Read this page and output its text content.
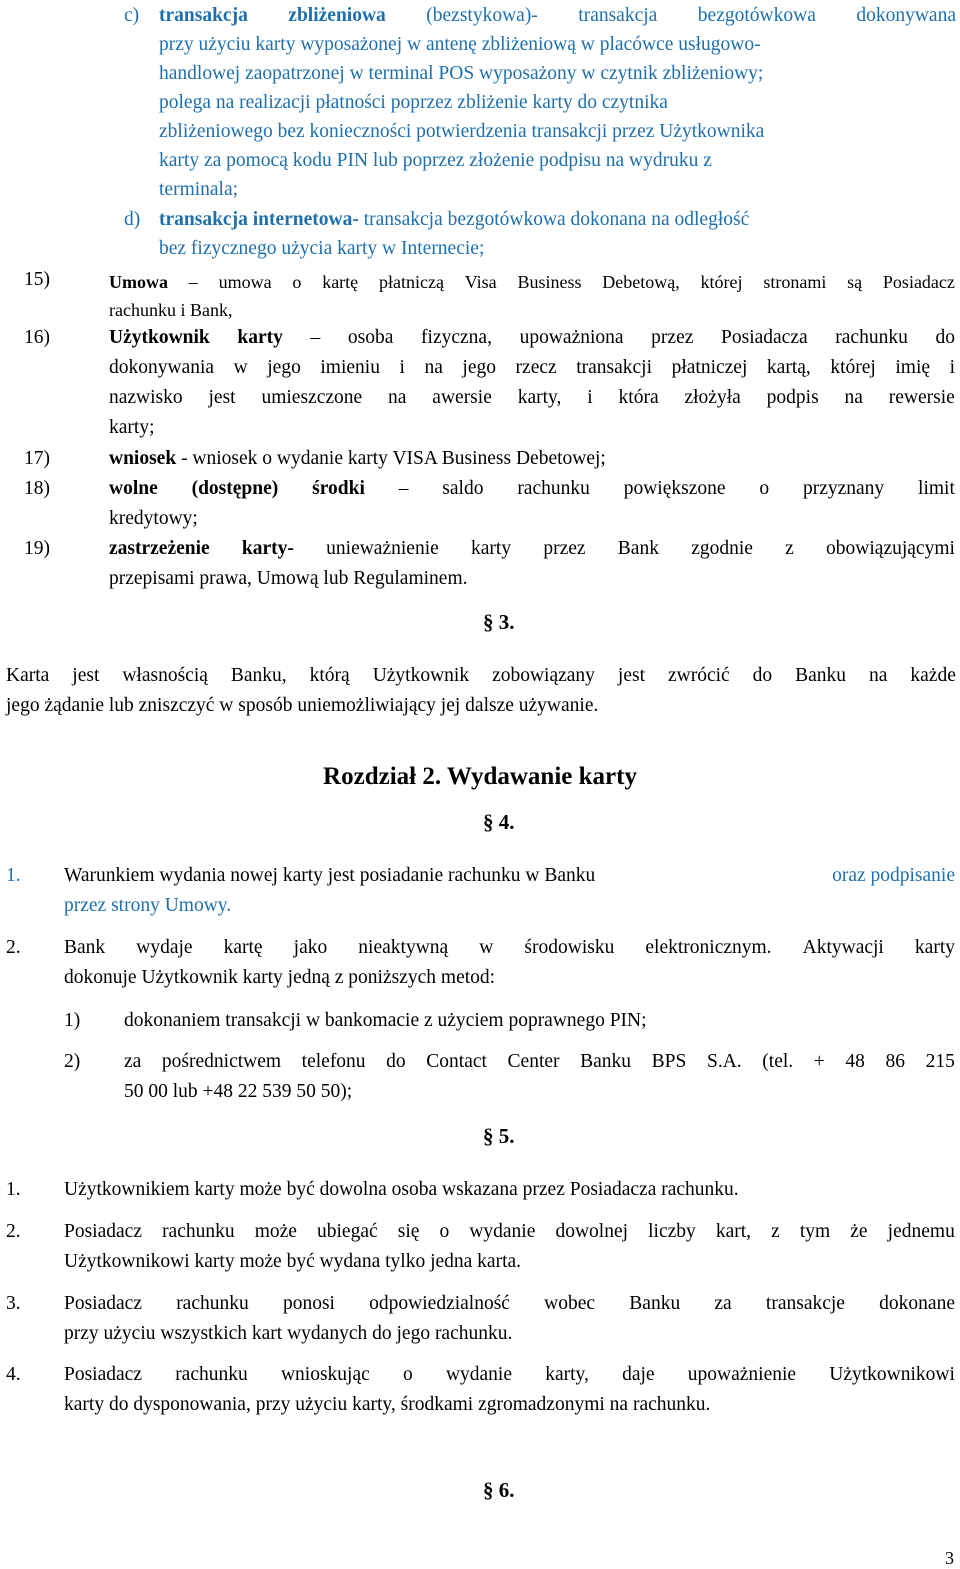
c) transakcja zbliżeniowa (bezstykowa)- transakcja bezgotówkowa dokonywana
przy użyciu karty wyposażonej w antenę zbliżeniową w placówce usługowo-
handlowej zaopatrzonej w terminal POS wyposażony w czytnik zbliżeniowy;
polega na realizacji płatności poprzez zbliżenie karty do czytnika
zbliżeniowego bez konieczności potwierdzenia transakcji przez Użytkownika
karty za pomocą kodu PIN lub poprzez złożenie podpisu na wydruku z
terminala;
d) transakcja internetowa- transakcja bezgotówkowa dokonana na odległość
bez fizycznego użycia karty w Internecie;
15)	Umowa – umowa o kartę płatniczą Visa Business Debetową, której stronami są Posiadacz
rachunku i Bank,
16)	Użytkownik karty – osoba fizyczna, upoważniona przez Posiadacza rachunku do
dokonywania w jego imieniu i na jego rzecz transakcji płatniczej kartą, której imię i
nazwisko jest umieszczone na awersie karty, i która złożyła podpis na rewersie
karty;
17)	wniosek - wniosek o wydanie karty VISA Business Debetowej;
18)	wolne (dostępne) środki – saldo rachunku powiększone o przyznany limit
kredytowy;
19)	zastrzeżenie karty- unieważnienie karty przez Bank zgodnie z obowiązującymi
przepisami prawa, Umową lub Regulaminem.
§ 3.
Karta jest własnością Banku, którą Użytkownik zobowiązany jest zwrócić do Banku na każde
jego żądanie lub zniszczyć w sposób uniemożliwiający jej dalsze używanie.
Rozdział 2. Wydawanie karty
§ 4.
1. Warunkiem wydania nowej karty jest posiadanie rachunku w Banku	oraz podpisanie
przez strony Umowy.
2. Bank wydaje kartę jako nieaktywną w środowisku elektronicznym. Aktywacji karty
dokonuje Użytkownik karty jedną z poniższych metod:
1) dokonaniem transakcji w bankomacie z użyciem poprawnego PIN;
2) za pośrednictwem telefonu do Contact Center Banku BPS S.A. (tel. + 48 86 215
50 00 lub +48 22 539 50 50);
§ 5.
1. Użytkownikiem karty może być dowolna osoba wskazana przez Posiadacza rachunku.
2. Posiadacz rachunku może ubiegać się o wydanie dowolnej liczby kart, z tym że jednemu
Użytkownikowi karty może być wydana tylko jedna karta.
3. Posiadacz rachunku ponosi odpowiedzialność wobec Banku za transakcje dokonane
przy użyciu wszystkich kart wydanych do jego rachunku.
4. Posiadacz rachunku wnioskując o wydanie karty, daje upoważnienie Użytkownikowi
karty do dysponowania, przy użyciu karty, środkami zgromadzonymi na rachunku.
§ 6.
3
